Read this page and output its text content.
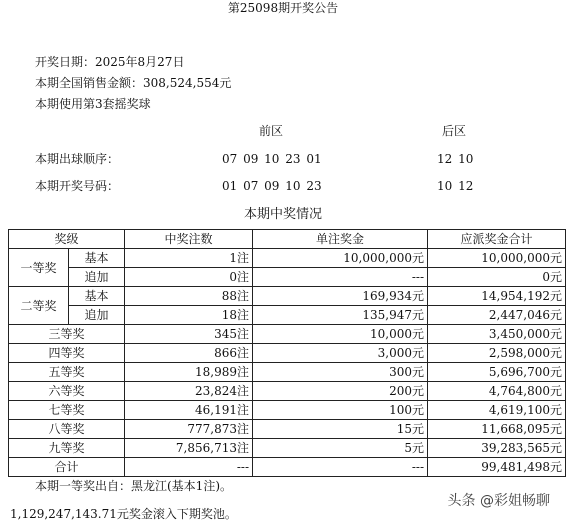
第25098期开奖公告
开奖日期：2025年8月27日
本期全国销售金额：308,524,554元
本期使用第3套摇奖球
前区	后区
本期出球顺序：	07 09 10 23 01	12 10
本期开奖号码：	01 07 09 10 23	10 12
本期中奖情况
奖级		中奖注数	单注奖金	应派奖金合计
一等奖	基本	1注	10,000,000元	10,000,000元
	追加	0注	---	0元
二等奖	基本	88注	169,934元	14,954,192元
	追加	18注	135,947元	2,447,046元
三等奖		345注	10,000元	3,450,000元
四等奖		866注	3,000元	2,598,000元
五等奖		18,989注	300元	5,696,700元
六等奖		23,824注	200元	4,764,800元
七等奖		46,191注	100元	4,619,100元
八等奖		777,873注	15元	11,668,095元
九等奖		7,856,713注	5元	39,283,565元
合计		---	---	99,481,498元
本期一等奖出自：黑龙江(基本1注)。
1,129,247,143.71元奖金滚入下期奖池。
头条 @彩姐畅聊
